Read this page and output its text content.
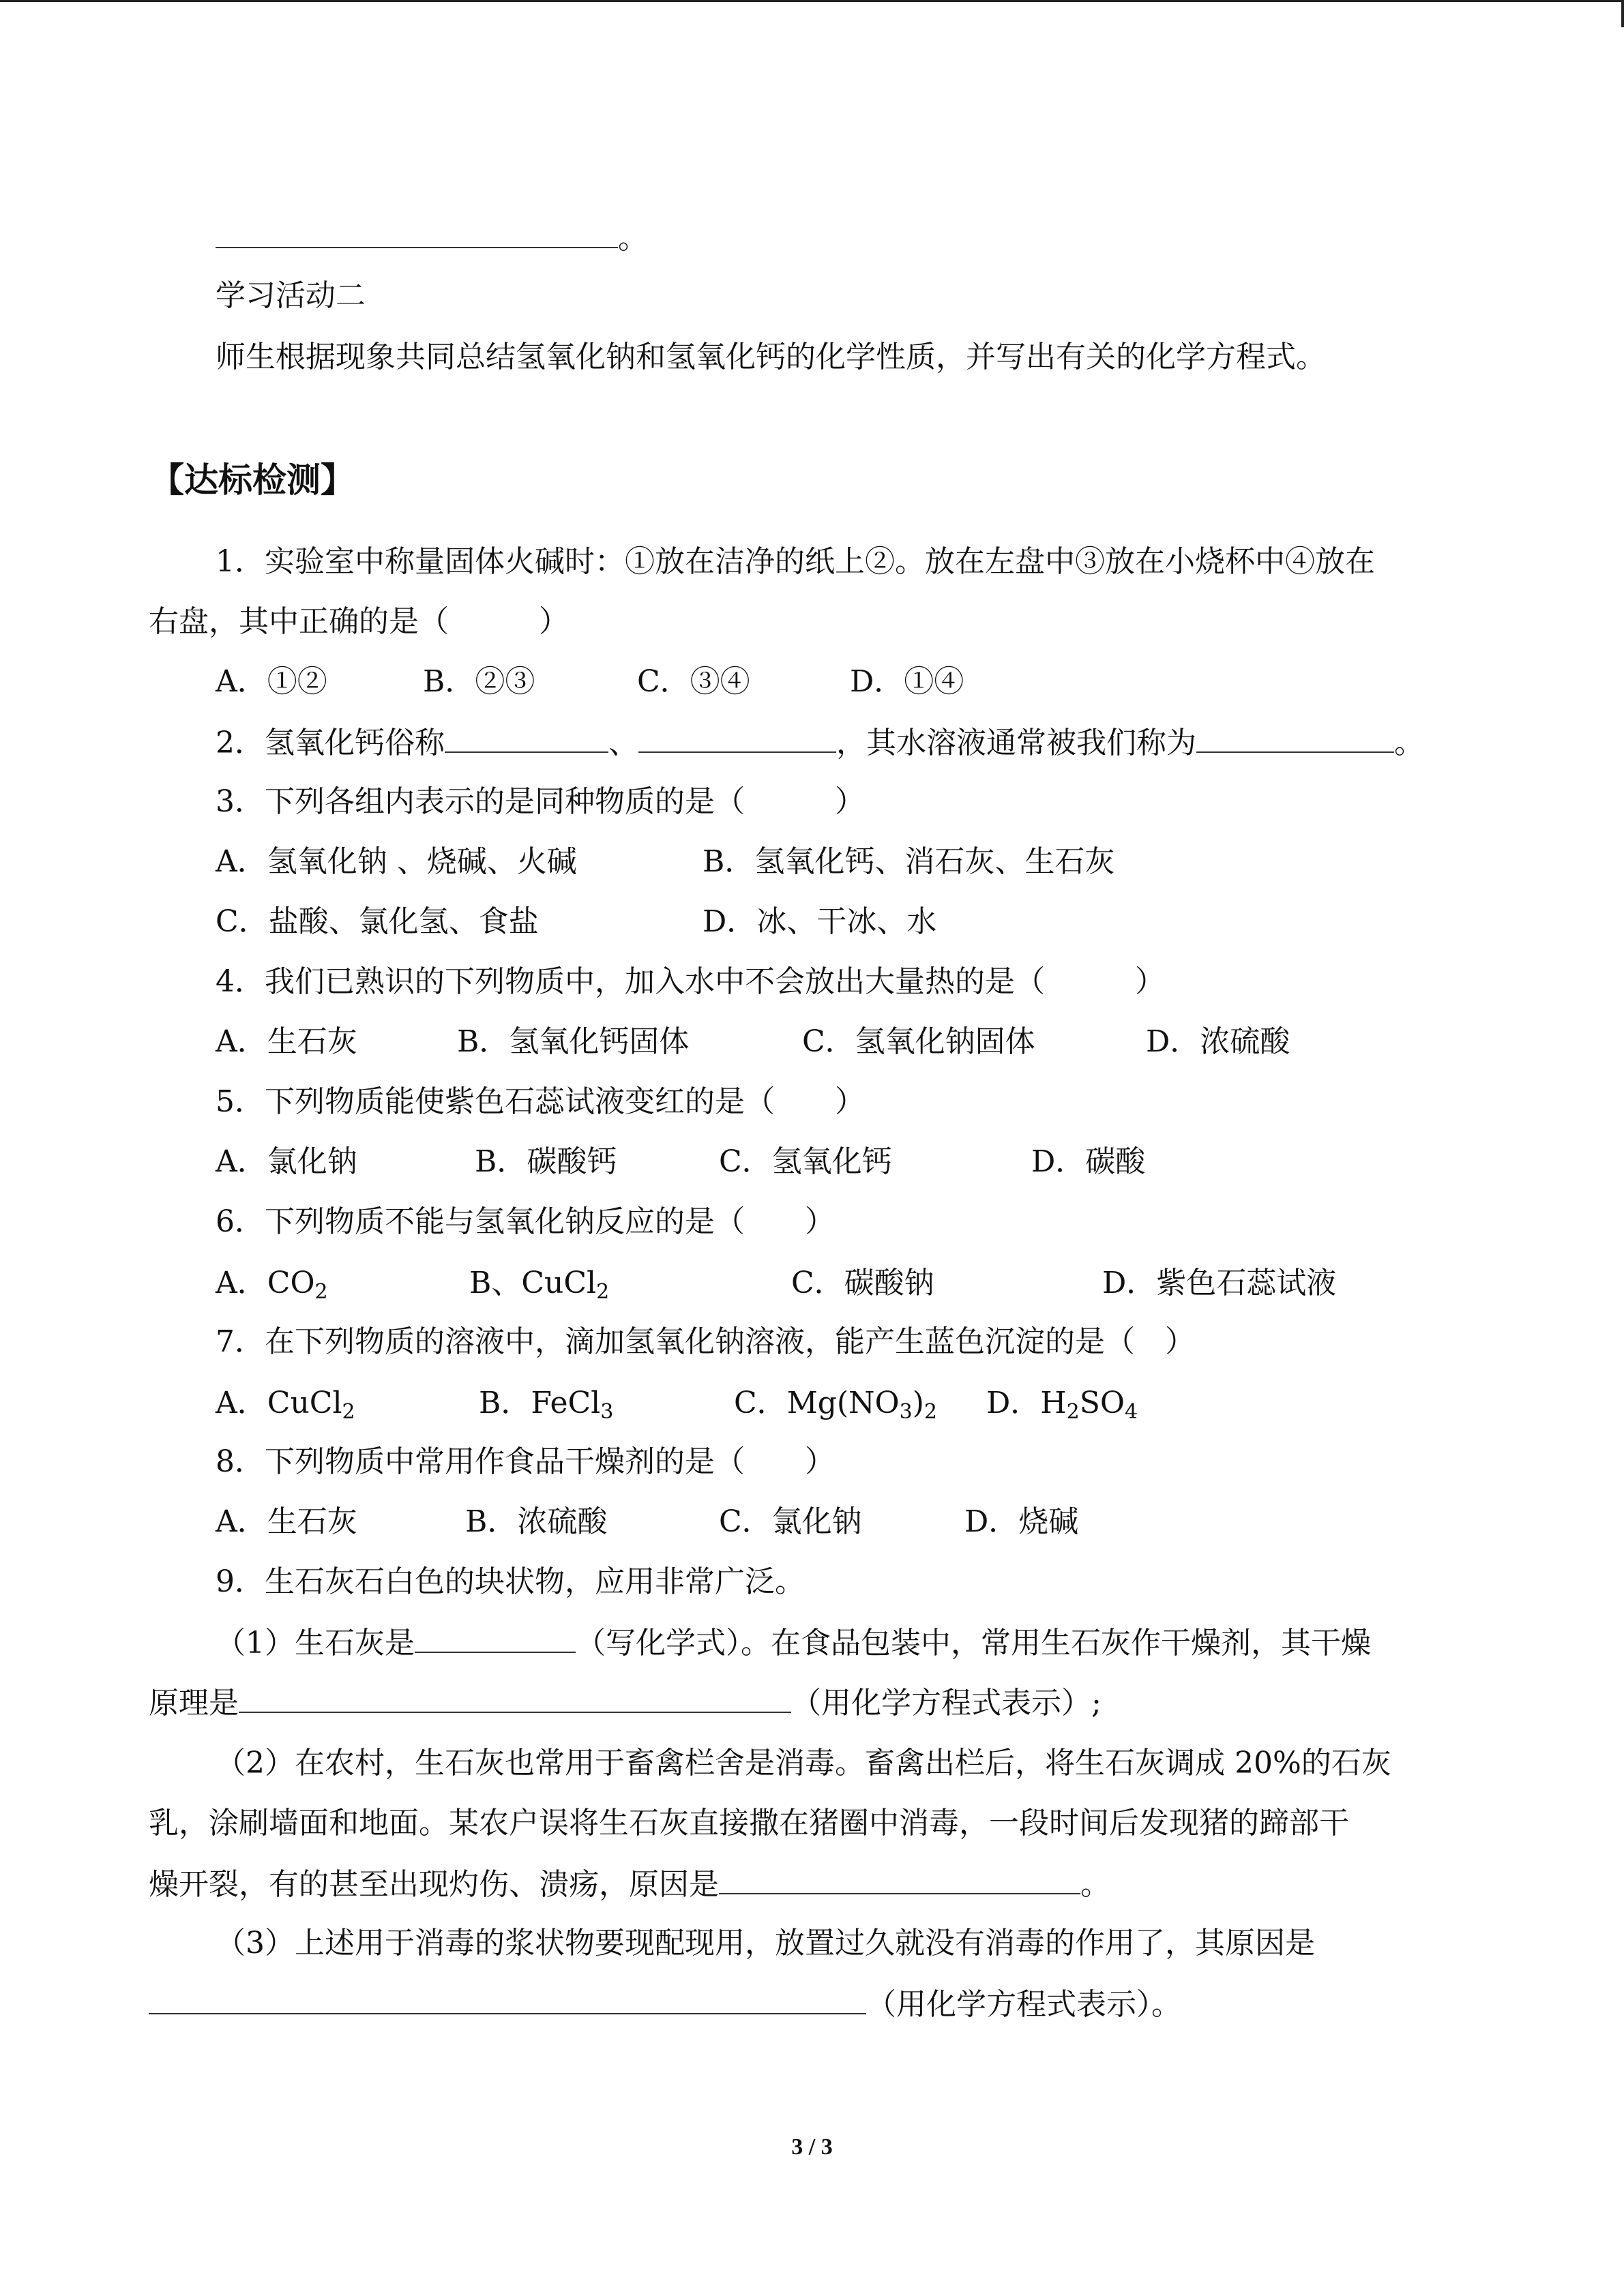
。
学习活动二
师生根据现象共同总结氢氧化钠和氢氧化钙的化学性质，并写出有关的化学方程式。
【达标检测】
1．实验室中称量固体火碱时：①放在洁净的纸上②。放在左盘中③放在小烧杯中④放在
右盘，其中正确的是（　　　）
A．①②	B．②③	C．③④	D．①④
2．氢氧化钙俗称	、	，其水溶液通常被我们称为	。
3．下列各组内表示的是同种物质的是（　　　）
A．氢氧化钠 、烧碱、火碱	B．氢氧化钙、消石灰、生石灰
C．盐酸、氯化氢、食盐	D．冰、干冰、水
4．我们已熟识的下列物质中，加入水中不会放出大量热的是（　　　）
A．生石灰	B．氢氧化钙固体	C．氢氧化钠固体	D．浓硫酸
5．下列物质能使紫色石蕊试液变红的是（　　）
A．氯化钠	B．碳酸钙	C．氢氧化钙	D．碳酸
6．下列物质不能与氢氧化钠反应的是（　　）
A．$CO_2$	B、CuCl$_2$	C．碳酸钠	D．紫色石蕊试液
7．在下列物质的溶液中，滴加氢氧化钠溶液，能产生蓝色沉淀的是（　）
A．CuCl$_2$	B．FeCl$_3$	C．$Mg(NO_3)_2$ D．$H_2SO_4$
8．下列物质中常用作食品干燥剂的是（　　）
A．生石灰	B．浓硫酸	C．氯化钠	D．烧碱
9．生石灰石白色的块状物，应用非常广泛。
（1）生石灰是	（写化学式）。在食品包装中，常用生石灰作干燥剂，其干燥
原理是	（用化学方程式表示）;
（2）在农村，生石灰也常用于畜禽栏舍是消毒。畜禽出栏后，将生石灰调成 20%的石灰
乳，涂刷墙面和地面。某农户误将生石灰直接撒在猪圈中消毒，一段时间后发现猪的蹄部干
燥开裂，有的甚至出现灼伤、溃疡，原因是	。
（3）上述用于消毒的浆状物要现配现用，放置过久就没有消毒的作用了，其原因是
（用化学方程式表示）。
3 / 3
